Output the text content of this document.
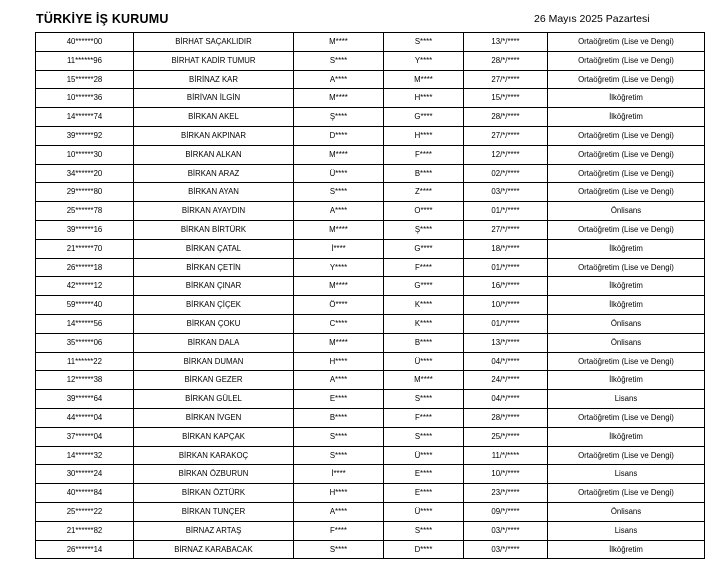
TÜRKİYE İŞ KURUMU	26 Mayıs 2025 Pazartesi
40******00	BİRHAT SAÇAKLIDIR	M****	S****	13/*/****	Ortaöğretim (Lise ve Dengi)
11******96	BİRHAT KADİR TUMUR	S****	Y****	28/*/****	Ortaöğretim (Lise ve Dengi)
15******28	BİRİNAZ KAR	A****	M****	27/*/****	Ortaöğretim (Lise ve Dengi)
10******36	BİRİVAN İLGİN	M****	H****	15/*/****	İlköğretim
14******74	BİRKAN AKEL	Ş****	G****	28/*/****	İlköğretim
39******92	BİRKAN AKPINAR	D****	H****	27/*/****	Ortaöğretim (Lise ve Dengi)
10******30	BİRKAN ALKAN	M****	F****	12/*/****	Ortaöğretim (Lise ve Dengi)
34******20	BİRKAN ARAZ	Ü****	B****	02/*/****	Ortaöğretim (Lise ve Dengi)
29******80	BİRKAN AYAN	S****	Z****	03/*/****	Ortaöğretim (Lise ve Dengi)
25******78	BİRKAN AYAYDIN	A****	O****	01/*/****	Önlisans
39******16	BİRKAN BİRTÜRK	M****	Ş****	27/*/****	Ortaöğretim (Lise ve Dengi)
21******70	BİRKAN ÇATAL	İ****	G****	18/*/****	İlköğretim
26******18	BİRKAN ÇETİN	Y****	F****	01/*/****	Ortaöğretim (Lise ve Dengi)
42******12	BİRKAN ÇINAR	M****	G****	16/*/****	İlköğretim
59******40	BİRKAN ÇİÇEK	Ö****	K****	10/*/****	İlköğretim
14******56	BİRKAN ÇOKU	C****	K****	01/*/****	Önlisans
35******06	BİRKAN DALA	M****	B****	13/*/****	Önlisans
11******22	BİRKAN DUMAN	H****	Ü****	04/*/****	Ortaöğretim (Lise ve Dengi)
12******38	BİRKAN GEZER	A****	M****	24/*/****	İlköğretim
39******64	BİRKAN GÜLEL	E****	S****	04/*/****	Lisans
44******04	BİRKAN İVGEN	B****	F****	28/*/****	Ortaöğretim (Lise ve Dengi)
37******04	BİRKAN KAPÇAK	S****	S****	25/*/****	İlköğretim
14******32	BİRKAN KARAKOÇ	S****	Ü****	11/*/****	Ortaöğretim (Lise ve Dengi)
30******24	BİRKAN ÖZBURUN	İ****	E****	10/*/****	Lisans
40******84	BİRKAN ÖZTÜRK	H****	E****	23/*/****	Ortaöğretim (Lise ve Dengi)
25******22	BİRKAN TUNÇER	A****	Ü****	09/*/****	Önlisans
21******82	BİRNAZ ARTAŞ	F****	S****	03/*/****	Lisans
26******14	BİRNAZ KARABACAK	S****	D****	03/*/****	İlköğretim
